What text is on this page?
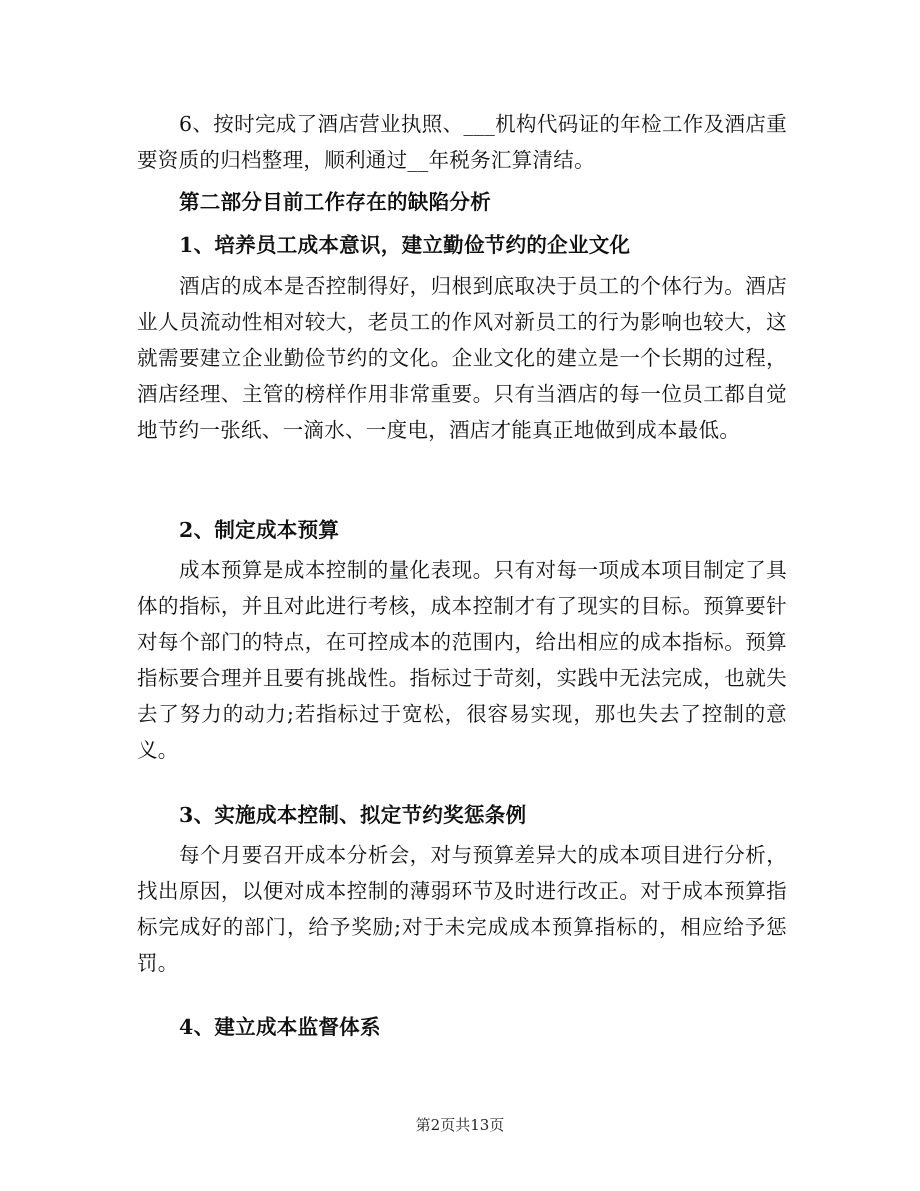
6、按时完成了酒店营业执照、___机构代码证的年检工作及酒店重要资质的归档整理，顺利通过__年税务汇算清结。

第二部分目前工作存在的缺陷分析

1、培养员工成本意识，建立勤俭节约的企业文化

酒店的成本是否控制得好，归根到底取决于员工的个体行为。酒店业人员流动性相对较大，老员工的作风对新员工的行为影响也较大，这就需要建立企业勤俭节约的文化。企业文化的建立是一个长期的过程，酒店经理、主管的榜样作用非常重要。只有当酒店的每一位员工都自觉地节约一张纸、一滴水、一度电，酒店才能真正地做到成本最低。

2、制定成本预算

成本预算是成本控制的量化表现。只有对每一项成本项目制定了具体的指标，并且对此进行考核，成本控制才有了现实的目标。预算要针对每个部门的特点，在可控成本的范围内，给出相应的成本指标。预算指标要合理并且要有挑战性。指标过于苛刻，实践中无法完成，也就失去了努力的动力;若指标过于宽松，很容易实现，那也失去了控制的意义。

3、实施成本控制、拟定节约奖惩条例

每个月要召开成本分析会，对与预算差异大的成本项目进行分析，找出原因，以便对成本控制的薄弱环节及时进行改正。对于成本预算指标完成好的部门，给予奖励;对于未完成成本预算指标的，相应给予惩罚。

4、建立成本监督体系

第2页共13页
